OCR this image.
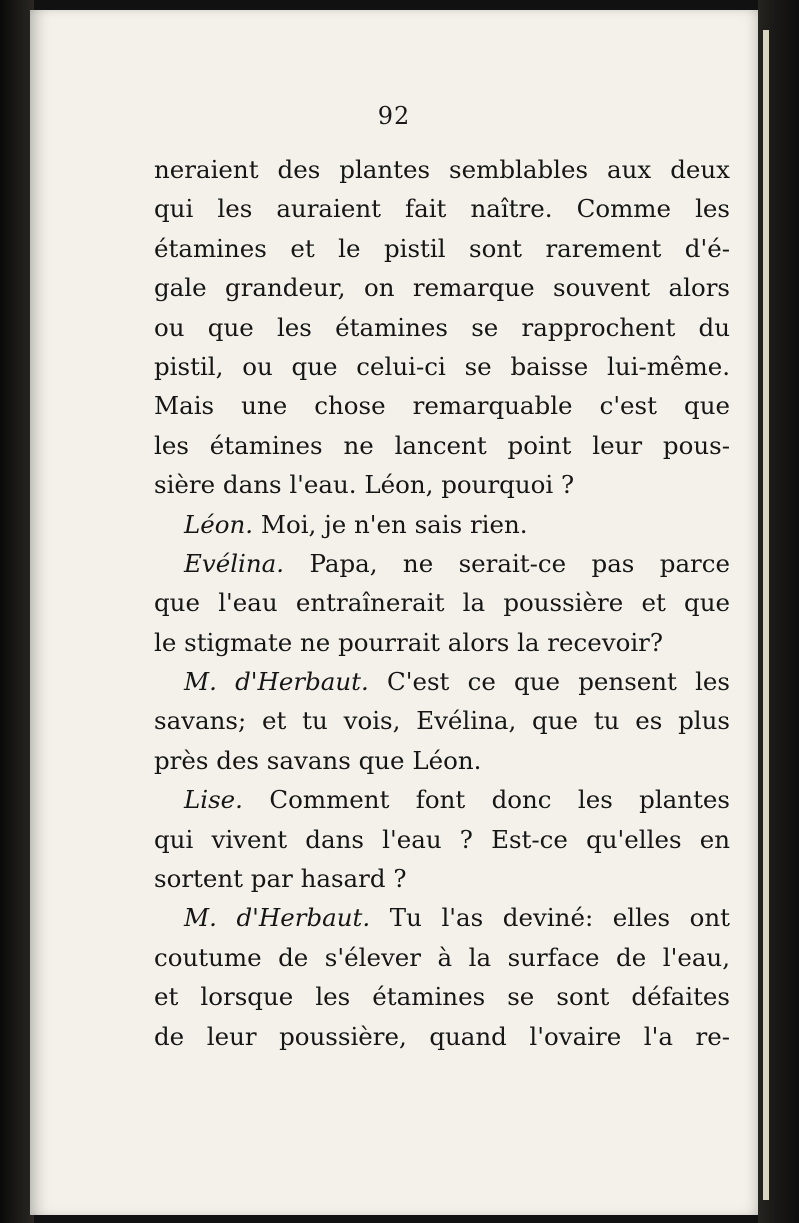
92
neraient des plantes semblables aux deux
qui les auraient fait naître. Comme les
étamines et le pistil sont rarement d'é-
gale grandeur, on remarque souvent alors
ou que les étamines se rapprochent du
pistil, ou que celui-ci se baisse lui-même.
Mais une chose remarquable c'est que
les étamines ne lancent point leur pous-
sière dans l'eau. Léon, pourquoi ?
Léon. Moi, je n'en sais rien.
Evélina. Papa, ne serait-ce pas parce
que l'eau entraînerait la poussière et que
le stigmate ne pourrait alors la recevoir?
M. d'Herbaut. C'est ce que pensent les
savans; et tu vois, Evélina, que tu es plus
près des savans que Léon.
Lise. Comment font donc les plantes
qui vivent dans l'eau ? Est-ce qu'elles en
sortent par hasard ?
M. d'Herbaut. Tu l'as deviné: elles ont
coutume de s'élever à la surface de l'eau,
et lorsque les étamines se sont défaites
de leur poussière, quand l'ovaire l'a re-
